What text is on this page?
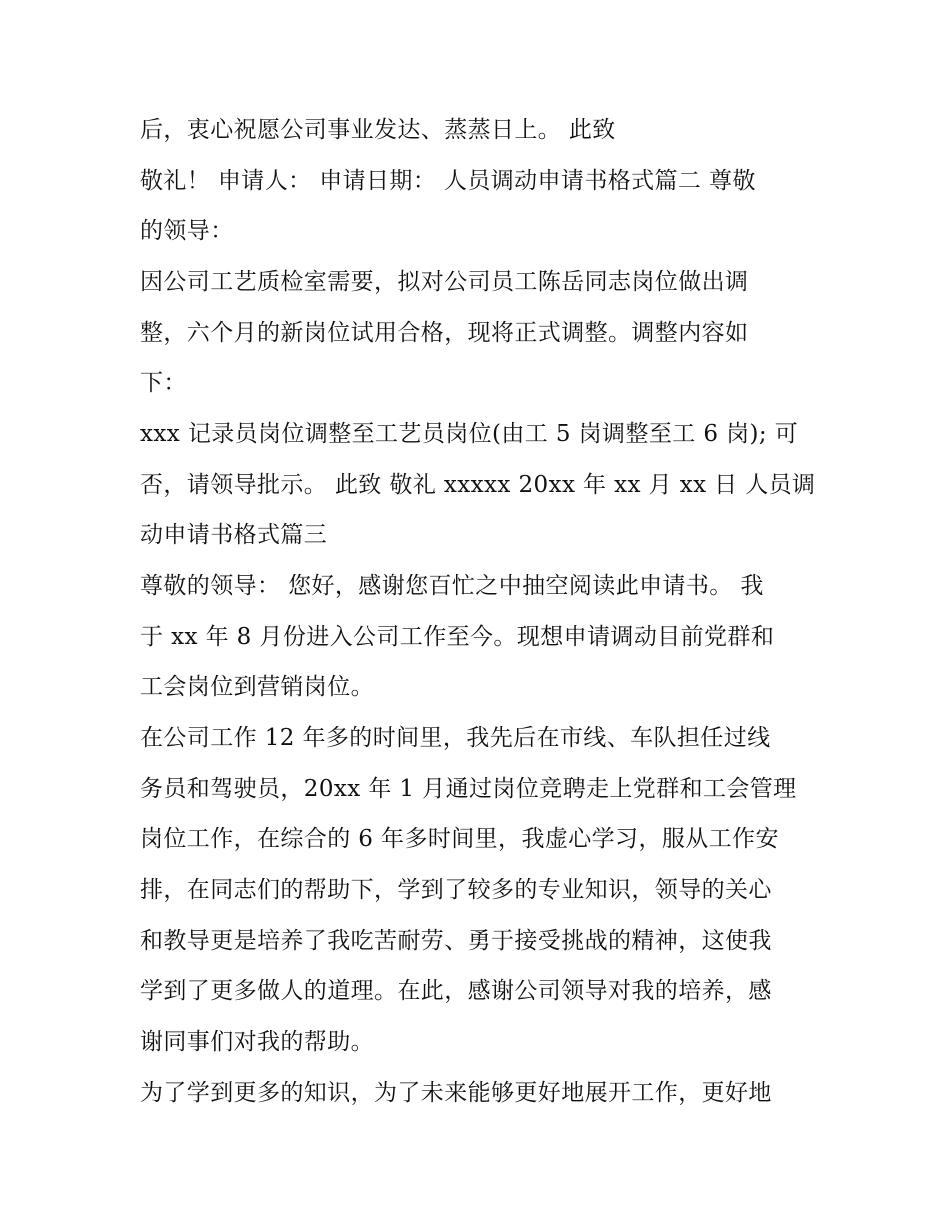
后，衷心祝愿公司事业发达、蒸蒸日上。 此致

敬礼！ 申请人： 申请日期： 人员调动申请书格式篇二 尊敬

的领导：

因公司工艺质检室需要，拟对公司员工陈岳同志岗位做出调

整，六个月的新岗位试用合格，现将正式调整。调整内容如

下：

xxx 记录员岗位调整至工艺员岗位(由工 5 岗调整至工 6 岗); 可

否，请领导批示。 此致 敬礼 xxxxx 20xx 年 xx 月 xx 日 人员调

动申请书格式篇三

尊敬的领导： 您好，感谢您百忙之中抽空阅读此申请书。 我

于 xx 年 8 月份进入公司工作至今。现想申请调动目前党群和

工会岗位到营销岗位。

在公司工作 12 年多的时间里，我先后在市线、车队担任过线

务员和驾驶员，20xx 年 1 月通过岗位竞聘走上党群和工会管理

岗位工作，在综合的 6 年多时间里，我虚心学习，服从工作安

排，在同志们的帮助下，学到了较多的专业知识，领导的关心

和教导更是培养了我吃苦耐劳、勇于接受挑战的精神，这使我

学到了更多做人的道理。在此，感谢公司领导对我的培养，感

谢同事们对我的帮助。

为了学到更多的知识，为了未来能够更好地展开工作，更好地
